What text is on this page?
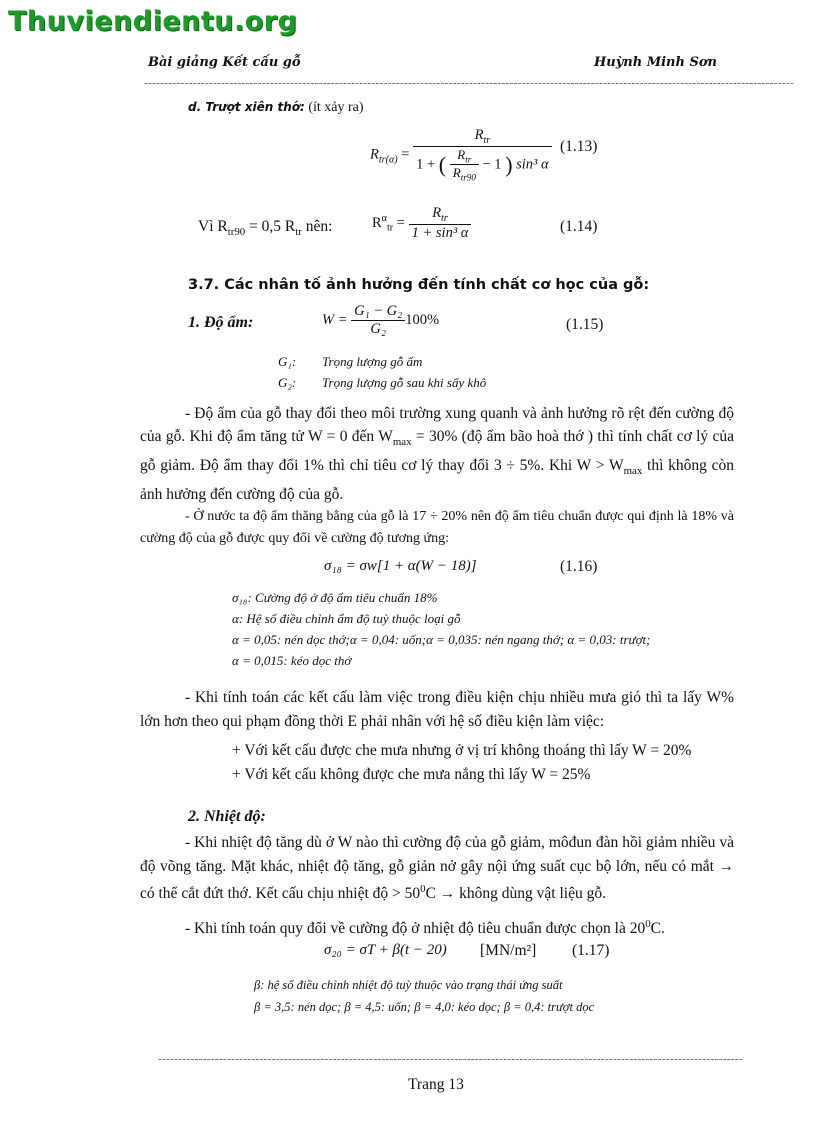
Thuviendientu.org
Bài giảng Kết cấu gỗ	Huỳnh Minh Sơn
----------------------------------------------------------------------------------------------------------------------------------------------------------------
d. Trượt xiên thớ: (ít xảy ra)
$R_{tr(\alpha)}$ =
$R_{tr}$
1 + ( $\frac{R_{tr}}{R_{tr90}} - 1$ ) sin³ α
(1.13)
Vì $R_{tr90} = 0,5$ $R_{tr}$ nên:	$R^\alpha_{tr} = \frac{R_{tr}}{\text{1 + sin³ α}}$	(1.14)
3.7. Các nhân tố ảnh hưởng đến tính chất cơ học của gỗ:
1. Độ ẩm:	$W = \frac{\text{G₁ − G₂}}{\text{G₂}} 100\%$	(1.15)
G₁: Trọng lượng gỗ ẩm
G₂: Trọng lượng gỗ sau khi sấy khô
- Độ ẩm của gỗ thay đổi theo môi trường xung quanh và ảnh hưởng rõ rệt đến cường độ của gỗ. Khi độ ẩm tăng tử W = 0 đến $W_{max} = 30\%$ (độ ẩm bão hoà thớ ) thì tính chất cơ lý của gỗ giảm. Độ ẩm thay đổi 1% thì chỉ tiêu cơ lý thay đổi 3 ÷ 5%. Khi $W > W_{max}$ thì không còn ảnh hưởng đến cường độ của gỗ.
- Ở nước ta độ ẩm thăng bằng của gỗ là 17 ÷ 20% nên độ ẩm tiêu chuẩn được qui định là 18% và cường độ của gỗ được quy đổi về cường độ tương ứng:
σ₁₈ = σw[1 + α(W − 18)]	(1.16)
σ₁₈: Cường độ ở độ ẩm tiêu chuẩn 18%
α: Hệ số điều chỉnh ẩm độ tuỳ thuộc loại gỗ
α = 0,05: nén dọc thớ;α = 0,04: uốn;α = 0,035: nén ngang thớ; α = 0,03: trượt;
α = 0,015: kéo dọc thớ
- Khi tính toán các kết cấu làm việc trong điều kiện chịu nhiều mưa gió thì ta lấy W% lớn hơn theo qui phạm đồng thời E phải nhân với hệ số điều kiện làm việc:
+ Với kết cấu được che mưa nhưng ở vị trí không thoáng thì lấy W = 20%
+ Với kết cấu không được che mưa nắng thì lấy W = 25%
2. Nhiệt độ:
- Khi nhiệt độ tăng dù ở W nào thì cường độ của gỗ giảm, môđun đàn hồi giảm nhiều và độ võng tăng. Mặt khác, nhiệt độ tăng, gỗ giản nở gây nội ứng suất cục bộ lớn, nếu có mắt → có thể cắt đứt thớ. Kết cấu chịu nhiệt độ > $50^0C$ → không dùng vật liệu gỗ.
- Khi tính toán quy đổi về cường độ ở nhiệt độ tiêu chuẩn được chọn là $20^0C$.
σ₂₀ = σT + β(t − 20) [MN/m²] (1.17)
β: hệ số điều chỉnh nhiệt độ tuỳ thuộc vào trạng thái ứng suất
β = 3,5: nén dọc; β = 4,5: uốn; β = 4,0: kéo dọc; β = 0,4: trượt dọc
------------------------------------------------------------------------------------------------------------------------------------------------
Trang 13
